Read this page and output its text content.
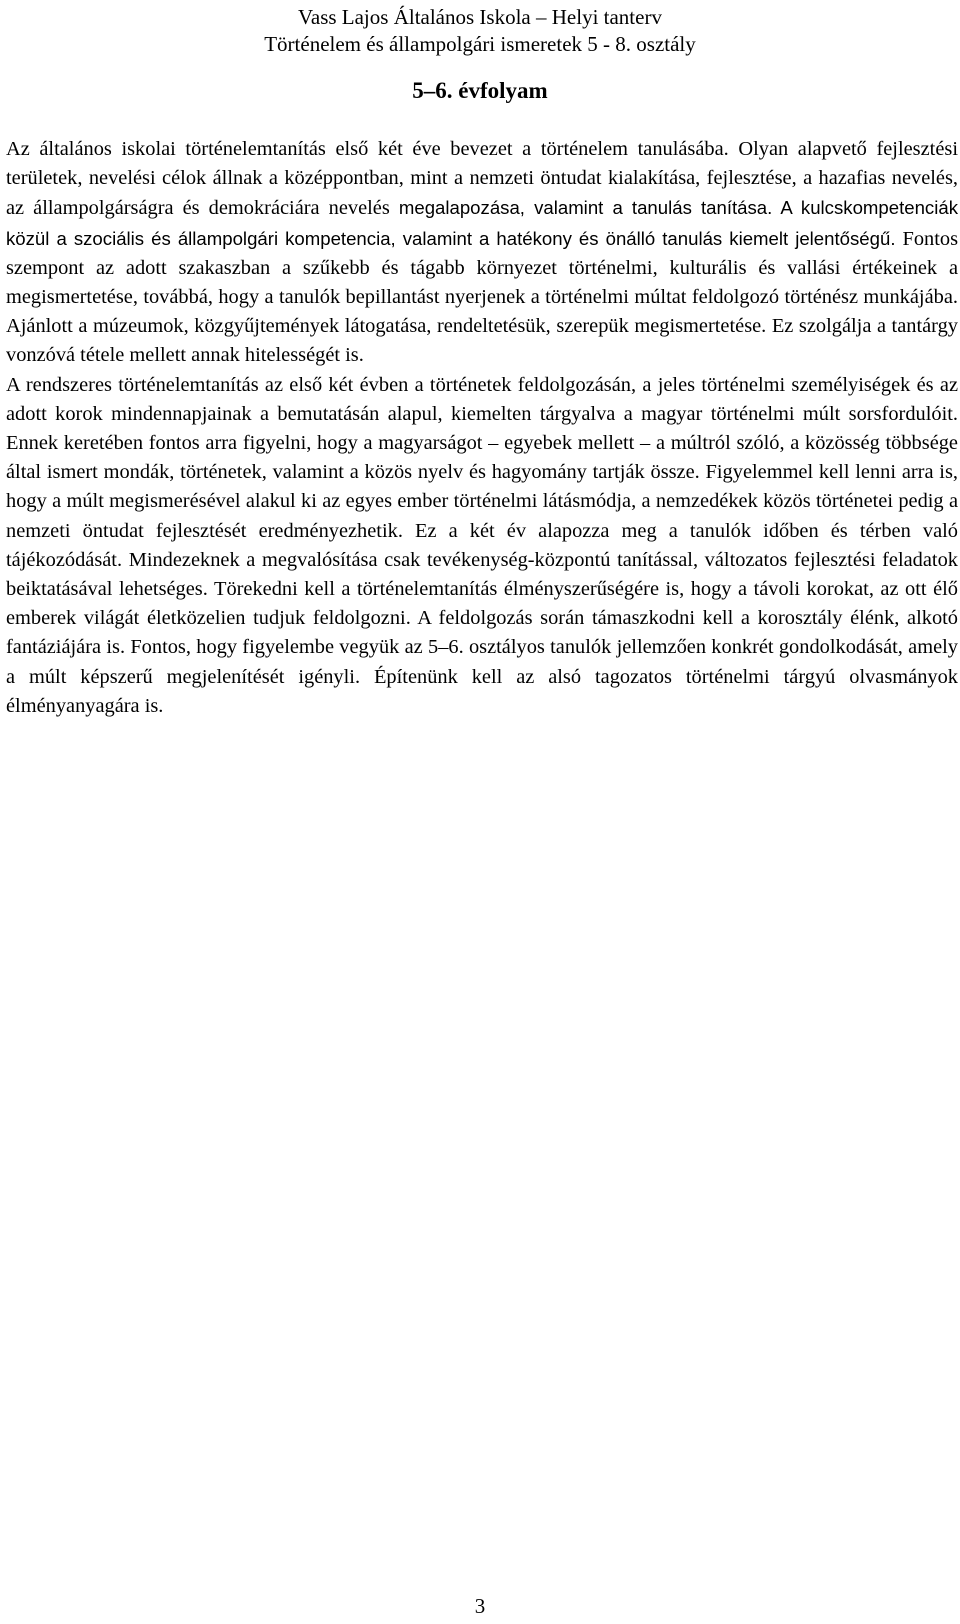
Vass Lajos Általános Iskola – Helyi tanterv
Történelem és állampolgári ismeretek 5 - 8. osztály
5–6. évfolyam

Az általános iskolai történelemtanítás első két éve bevezet a történelem tanulásába. Olyan alapvető fejlesztési területek, nevelési célok állnak a középpontban, mint a nemzeti öntudat kialakítása, fejlesztése, a hazafias nevelés, az állampolgárságra és demokráciára nevelés megalapozása, valamint a tanulás tanítása. A kulcskompetenciák közül a szociális és állampolgári kompetencia, valamint a hatékony és önálló tanulás kiemelt jelentőségű. Fontos szempont az adott szakaszban a szűkebb és tágabb környezet történelmi, kulturális és vallási értékeinek a megismertetése, továbbá, hogy a tanulók bepillantást nyerjenek a történelmi múltat feldolgozó történész munkájába. Ajánlott a múzeumok, közgyűjtemények látogatása, rendeltetésük, szerepük megismertetése. Ez szolgálja a tantárgy vonzóvá tétele mellett annak hitelességét is.

A rendszeres történelemtanítás az első két évben a történetek feldolgozásán, a jeles történelmi személyiségek és az adott korok mindennapjainak a bemutatásán alapul, kiemelten tárgyalva a magyar történelmi múlt sorsfordulóit. Ennek keretében fontos arra figyelni, hogy a magyarságot – egyebek mellett – a múltról szóló, a közösség többsége által ismert mondák, történetek, valamint a közös nyelv és hagyomány tartják össze. Figyelemmel kell lenni arra is, hogy a múlt megismerésével alakul ki az egyes ember történelmi látásmódja, a nemzedékek közös történetei pedig a nemzeti öntudat fejlesztését eredményezhetik. Ez a két év alapozza meg a tanulók időben és térben való tájékozódását. Mindezeknek a megvalósítása csak tevékenység-központú tanítással, változatos fejlesztési feladatok beiktatásával lehetséges. Törekedni kell a történelemtanítás élményszerűségére is, hogy a távoli korokat, az ott élő emberek világát életközelien tudjuk feldolgozni. A feldolgozás során támaszkodni kell a korosztály élénk, alkotó fantáziájára is. Fontos, hogy figyelembe vegyük az 5–6. osztályos tanulók jellemzően konkrét gondolkodását, amely a múlt képszerű megjelenítését igényli. Építenünk kell az alsó tagozatos történelmi tárgyú olvasmányok élményanyagára is.

3
